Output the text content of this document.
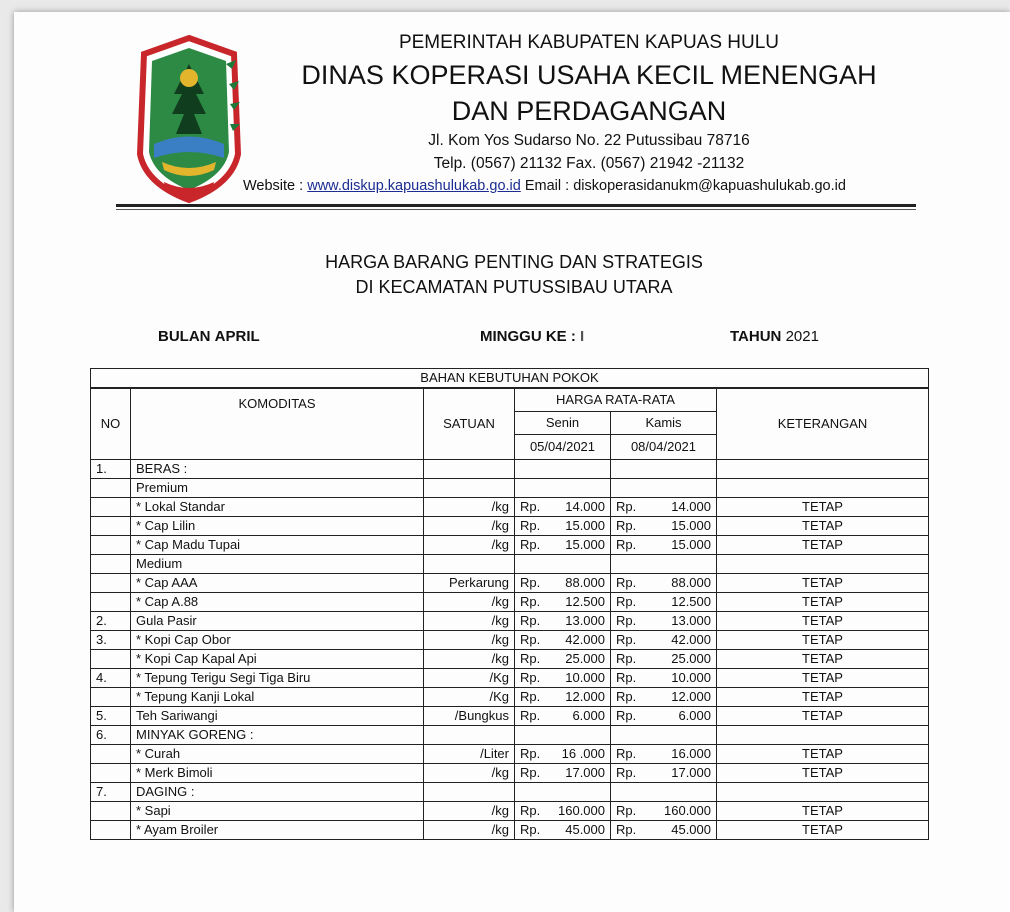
PEMERINTAH KABUPATEN KAPUAS HULU
DINAS KOPERASI USAHA KECIL MENENGAH
DAN PERDAGANGAN
Jl. Kom Yos Sudarso No. 22 Putussibau 78716
Telp. (0567) 21132 Fax. (0567) 21942 -21132
Website : www.diskup.kapuashulukab.go.id Email : diskoperasidanukm@kapuashulukab.go.id
HARGA BARANG PENTING DAN STRATEGIS
DI KECAMATAN PUTUSSIBAU UTARA
BULAN APRIL	MINGGU KE : I	TAHUN 2021
BAHAN KEBUTUHAN POKOK					
NO	KOMODITAS	SATUAN	HARGA RATA-RATA		KETERANGAN
			Senin	Kamis	
			05/04/2021	08/04/2021	
1.	BERAS :				
	Premium				
	* Lokal Standar	/kg	Rp. 14.000	Rp. 14.000	TETAP
	* Cap Lilin	/kg	Rp. 15.000	Rp. 15.000	TETAP
	* Cap Madu Tupai	/kg	Rp. 15.000	Rp. 15.000	TETAP
	Medium				
	* Cap AAA	Perkarung	Rp. 88.000	Rp. 88.000	TETAP
	* Cap A.88	/kg	Rp. 12.500	Rp. 12.500	TETAP
2.	Gula Pasir	/kg	Rp. 13.000	Rp. 13.000	TETAP
3.	* Kopi Cap Obor	/kg	Rp. 42.000	Rp. 42.000	TETAP
	* Kopi Cap Kapal Api	/kg	Rp. 25.000	Rp. 25.000	TETAP
4.	* Tepung Terigu Segi Tiga Biru	/Kg	Rp. 10.000	Rp. 10.000	TETAP
	* Tepung Kanji Lokal	/Kg	Rp. 12.000	Rp. 12.000	TETAP
5.	Teh Sariwangi	/Bungkus	Rp. 6.000	Rp. 6.000	TETAP
6.	MINYAK GORENG :				
	* Curah	/Liter	Rp. 16 .000	Rp. 16.000	TETAP
	* Merk Bimoli	/kg	Rp. 17.000	Rp. 17.000	TETAP
7.	DAGING :				
	* Sapi	/kg	Rp. 160.000	Rp. 160.000	TETAP
	* Ayam Broiler	/kg	Rp. 45.000	Rp. 45.000	TETAP
